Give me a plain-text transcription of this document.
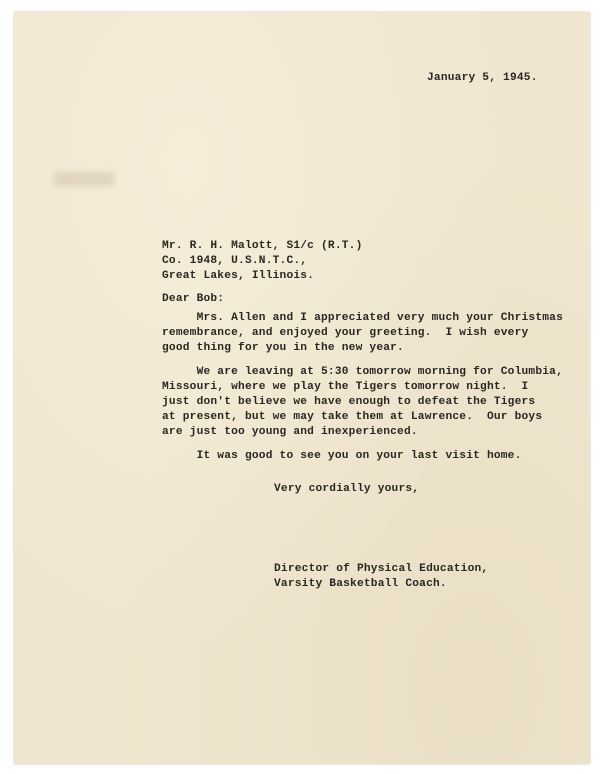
January 5, 1945.
Mr. R. H. Malott, S1/c (R.T.)
Co. 1948, U.S.N.T.C.,
Great Lakes, Illinois.
Dear Bob:
Mrs. Allen and I appreciated very much your Christmas
remembrance, and enjoyed your greeting.  I wish every
good thing for you in the new year.
We are leaving at 5:30 tomorrow morning for Columbia,
Missouri, where we play the Tigers tomorrow night.  I
just don't believe we have enough to defeat the Tigers
at present, but we may take them at Lawrence.  Our boys
are just too young and inexperienced.
It was good to see you on your last visit home.
Very cordially yours,
Director of Physical Education,
Varsity Basketball Coach.
